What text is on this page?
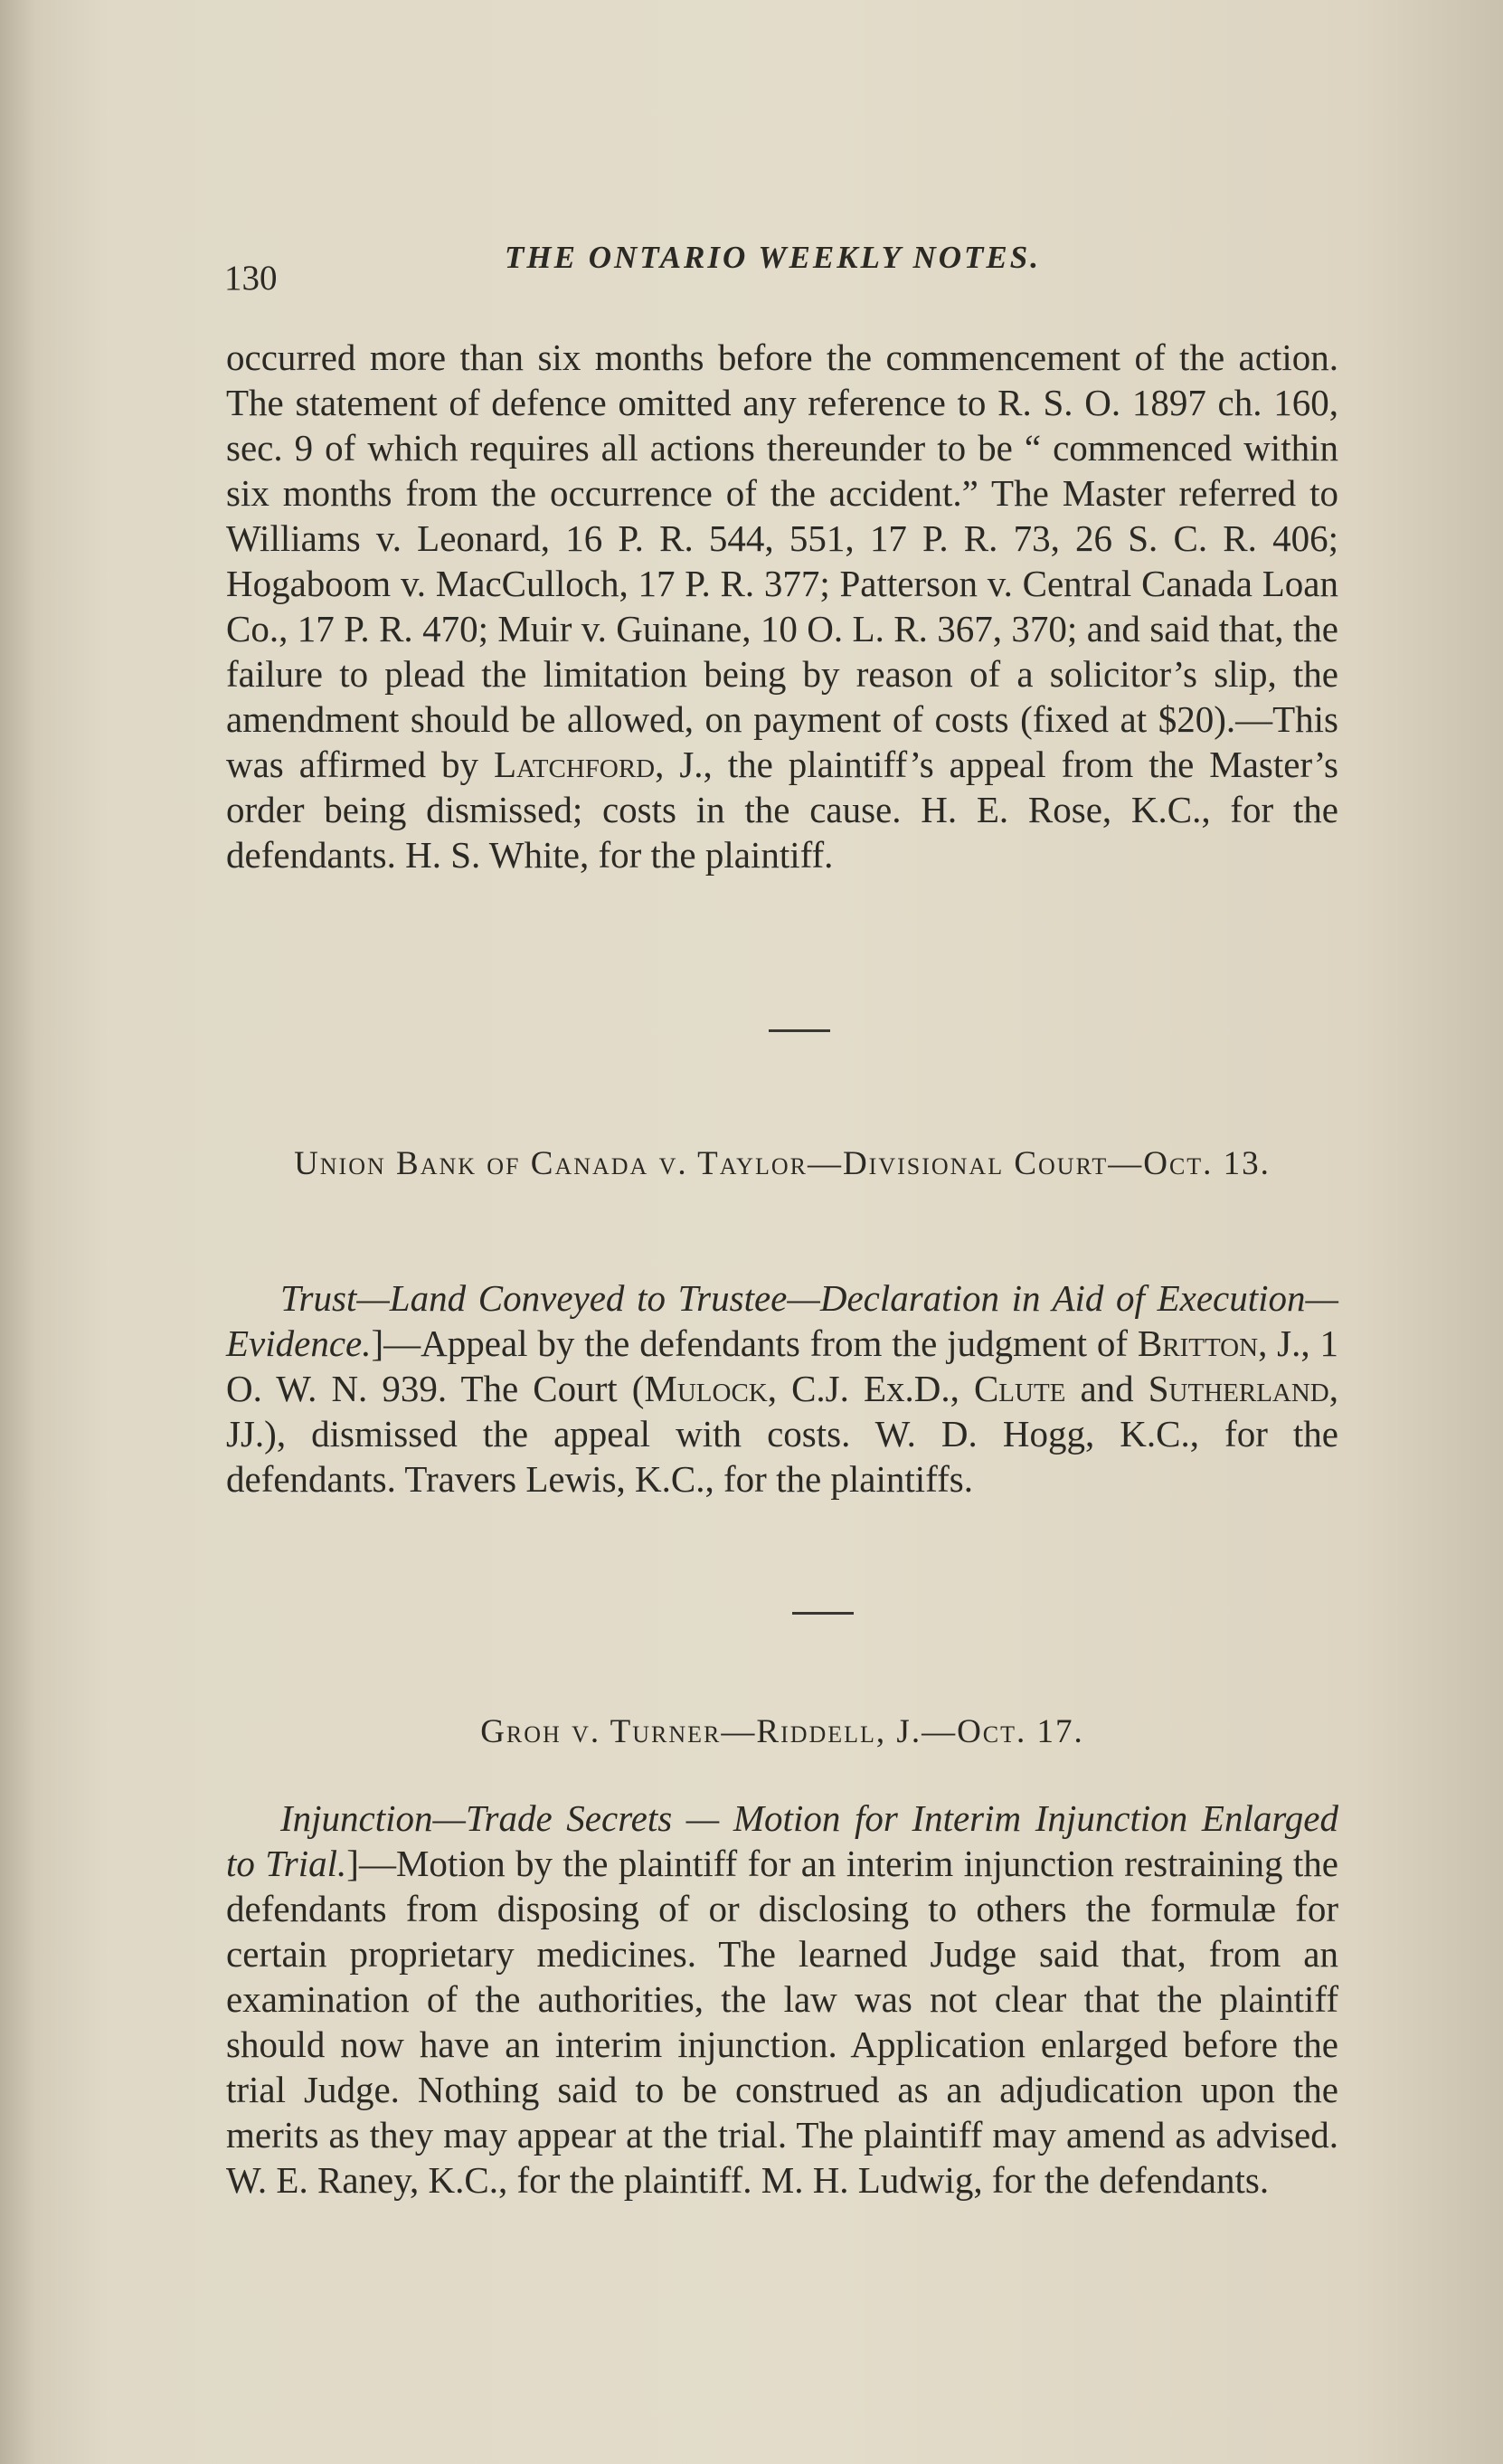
130
THE ONTARIO WEEKLY NOTES.

occurred more than six months before the commencement of the action. The statement of defence omitted any reference to R. S. O. 1897 ch. 160, sec. 9 of which requires all actions thereunder to be “ commenced within six months from the occurrence of the accident.” The Master referred to Williams v. Leonard, 16 P. R. 544, 551, 17 P. R. 73, 26 S. C. R. 406; Hogaboom v. MacCulloch, 17 P. R. 377; Patterson v. Central Canada Loan Co., 17 P. R. 470; Muir v. Guinane, 10 O. L. R. 367, 370; and said that, the failure to plead the limitation being by reason of a solicitor’s slip, the amendment should be allowed, on payment of costs (fixed at $20).—This was affirmed by Latchford, J., the plaintiff’s appeal from the Master’s order being dismissed; costs in the cause. H. E. Rose, K.C., for the defendants. H. S. White, for the plaintiff.

Union Bank of Canada v. Taylor—Divisional Court—Oct. 13.

Trust—Land Conveyed to Trustee—Declaration in Aid of Execution—Evidence.]—Appeal by the defendants from the judgment of Britton, J., 1 O. W. N. 939. The Court (Mulock, C.J. Ex.D., Clute and Sutherland, JJ.), dismissed the appeal with costs. W. D. Hogg, K.C., for the defendants. Travers Lewis, K.C., for the plaintiffs.

Groh v. Turner—Riddell, J.—Oct. 17.

Injunction—Trade Secrets — Motion for Interim Injunction Enlarged to Trial.]—Motion by the plaintiff for an interim injunction restraining the defendants from disposing of or disclosing to others the formulæ for certain proprietary medicines. The learned Judge said that, from an examination of the authorities, the law was not clear that the plaintiff should now have an interim injunction. Application enlarged before the trial Judge. Nothing said to be construed as an adjudication upon the merits as they may appear at the trial. The plaintiff may amend as advised. W. E. Raney, K.C., for the plaintiff. M. H. Ludwig, for the defendants.
